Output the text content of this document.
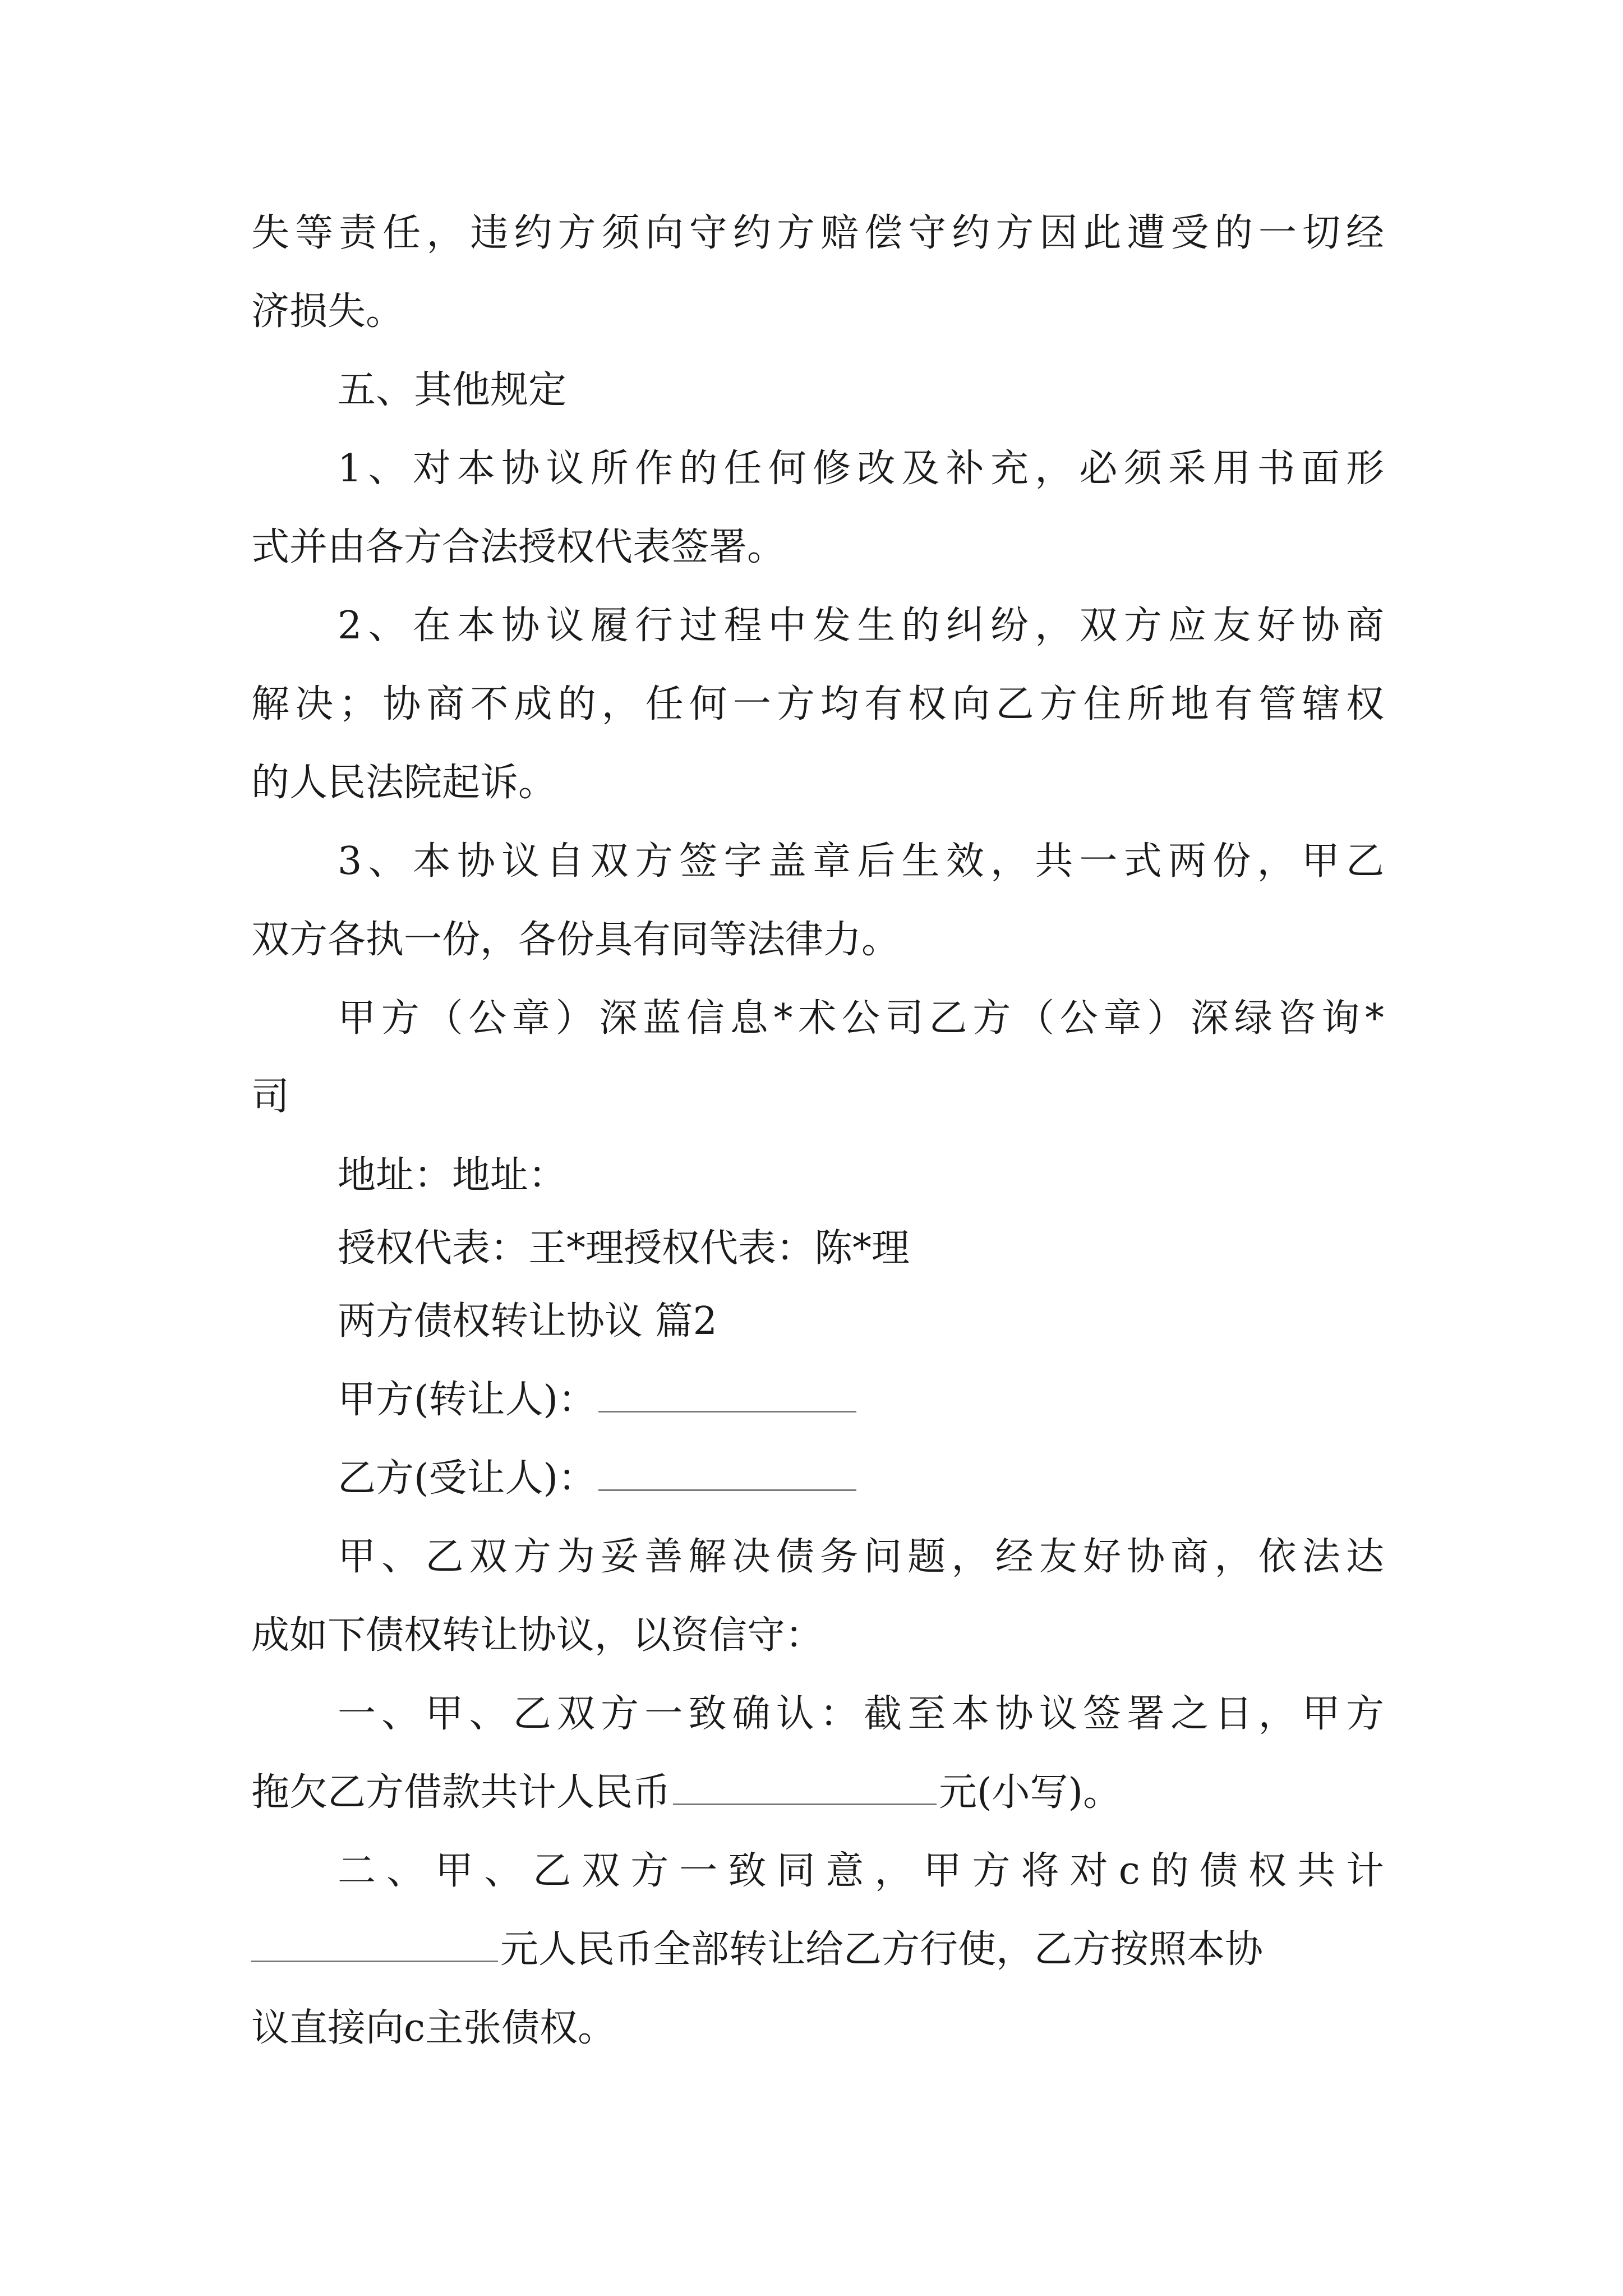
失等责任，违约方须向守约方赔偿守约方因此遭受的一切经
济损失。
五、其他规定
1、对本协议所作的任何修改及补充，必须采用书面形
式并由各方合法授权代表签署。
2、在本协议履行过程中发生的纠纷，双方应友好协商
解决；协商不成的，任何一方均有权向乙方住所地有管辖权
的人民法院起诉。
3、本协议自双方签字盖章后生效，共一式两份，甲乙
双方各执一份，各份具有同等法律力。
甲方（公章）深蓝信息*术公司乙方（公章）深绿咨询*
司
地址：地址：
授权代表：王*理授权代表：陈*理
两方债权转让协议 篇2
甲方(转让人)：
乙方(受让人)：
甲、乙双方为妥善解决债务问题，经友好协商，依法达
成如下债权转让协议，以资信守：
一、甲、乙双方一致确认：截至本协议签署之日，甲方
拖欠乙方借款共计人民币	元(小写)。
二、甲、乙双方一致同意，甲方将对c的债权共计
元人民币全部转让给乙方行使，乙方按照本协
议直接向c主张债权。
